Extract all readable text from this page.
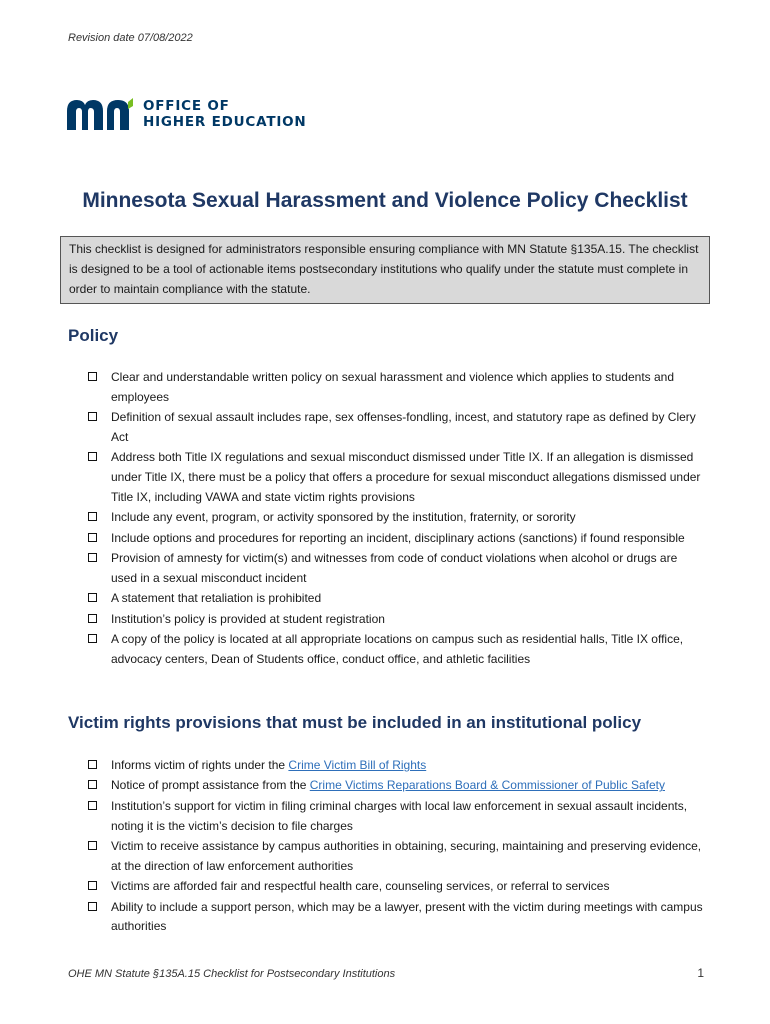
Revision date 07/08/2022
OFFICE OF
HIGHER EDUCATION
Minnesota Sexual Harassment and Violence Policy Checklist
This checklist is designed for administrators responsible ensuring compliance with MN Statute §135A.15. The checklist is designed to be a tool of actionable items postsecondary institutions who qualify under the statute must complete in order to maintain compliance with the statute.
Policy
Clear and understandable written policy on sexual harassment and violence which applies to students and employees
Definition of sexual assault includes rape, sex offenses-fondling, incest, and statutory rape as defined by Clery Act
Address both Title IX regulations and sexual misconduct dismissed under Title IX. If an allegation is dismissed under Title IX, there must be a policy that offers a procedure for sexual misconduct allegations dismissed under Title IX, including VAWA and state victim rights provisions
Include any event, program, or activity sponsored by the institution, fraternity, or sorority
Include options and procedures for reporting an incident, disciplinary actions (sanctions) if found responsible
Provision of amnesty for victim(s) and witnesses from code of conduct violations when alcohol or drugs are used in a sexual misconduct incident
A statement that retaliation is prohibited
Institution’s policy is provided at student registration
A copy of the policy is located at all appropriate locations on campus such as residential halls, Title IX office, advocacy centers, Dean of Students office, conduct office, and athletic facilities
Victim rights provisions that must be included in an institutional policy
Informs victim of rights under the Crime Victim Bill of Rights
Notice of prompt assistance from the Crime Victims Reparations Board & Commissioner of Public Safety
Institution’s support for victim in filing criminal charges with local law enforcement in sexual assault incidents, noting it is the victim’s decision to file charges
Victim to receive assistance by campus authorities in obtaining, securing, maintaining and preserving evidence, at the direction of law enforcement authorities
Victims are afforded fair and respectful health care, counseling services, or referral to services
Ability to include a support person, which may be a lawyer, present with the victim during meetings with campus authorities
OHE MN Statute §135A.15 Checklist for Postsecondary Institutions	1
